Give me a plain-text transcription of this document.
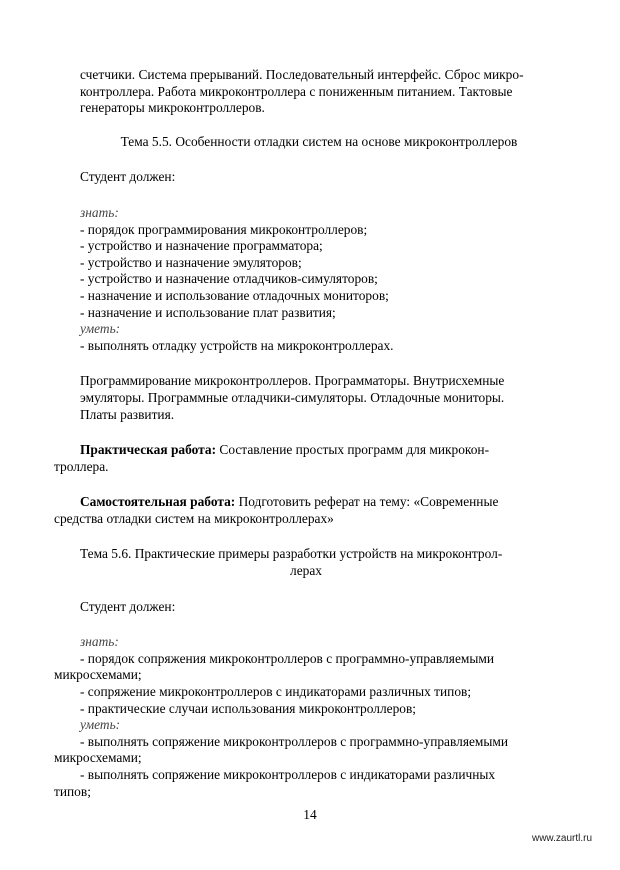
счетчики. Система прерываний. Последовательный интерфейс. Сброс микро-
контроллера. Работа микроконтроллера с пониженным питанием. Тактовые
генераторы микроконтроллеров.

Тема 5.5. Особенности отладки систем на основе микроконтроллеров

Студент должен:

знать:

- порядок программирования микроконтроллеров;

- устройство и назначение программатора;

- устройство и назначение эмуляторов;

- устройство и назначение отладчиков-симуляторов;

- назначение и использование отладочных мониторов;

- назначение и использование плат развития;

уметь:

- выполнять отладку устройств на микроконтроллерах.

Программирование микроконтроллеров. Программаторы. Внутрисхемные
эмуляторы. Программные отладчики-симуляторы. Отладочные мониторы.
Платы развития.

Практическая работа: Составление простых программ для микрокон-

троллера.

Самостоятельная работа: Подготовить реферат на тему: «Современные

средства отладки систем на микроконтроллерах»

Тема 5.6. Практические примеры разработки устройств на микроконтрол-

лерах

Студент должен:

знать:

- порядок сопряжения микроконтроллеров с программно-управляемыми

микросхемами;

- сопряжение микроконтроллеров с индикаторами различных типов;

- практические случаи использования микроконтроллеров;

уметь:

- выполнять сопряжение микроконтроллеров с программно-управляемыми

микросхемами;

- выполнять сопряжение микроконтроллеров с индикаторами различных

типов;

14
www.zaurtl.ru
